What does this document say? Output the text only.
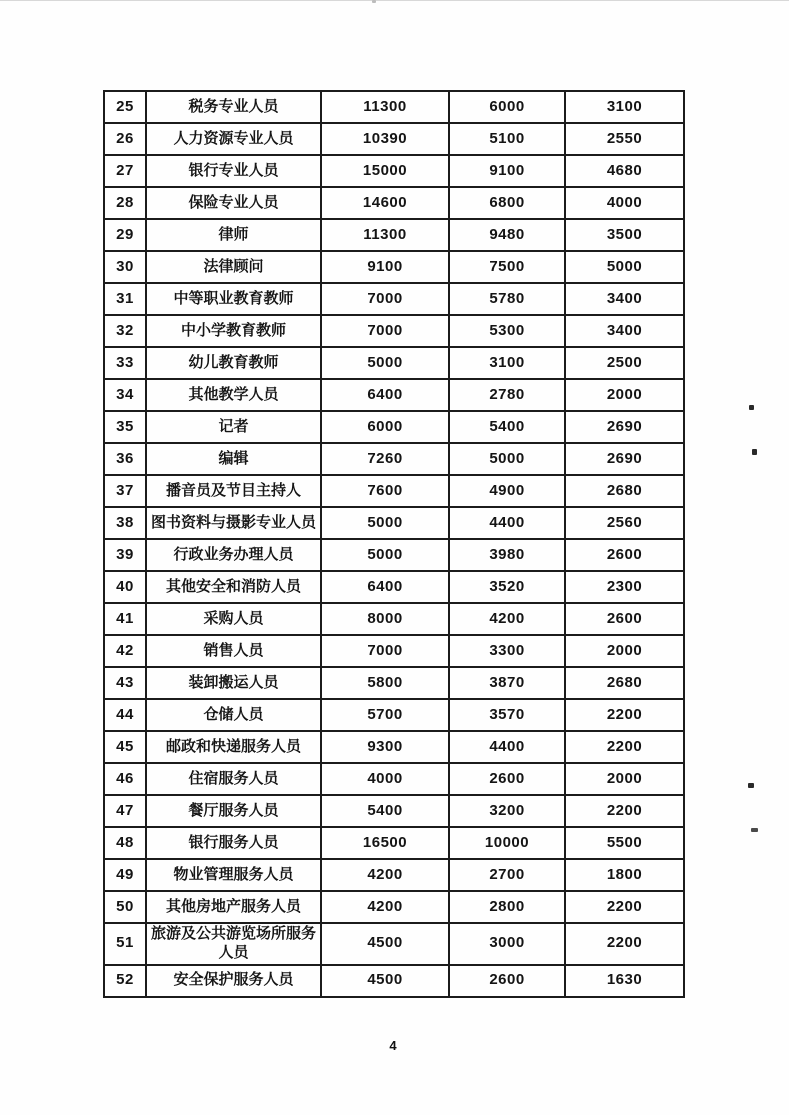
25	税务专业人员	11300	6000	3100
26	人力资源专业人员	10390	5100	2550
27	银行专业人员	15000	9100	4680
28	保险专业人员	14600	6800	4000
29	律师	11300	9480	3500
30	法律顾问	9100	7500	5000
31	中等职业教育教师	7000	5780	3400
32	中小学教育教师	7000	5300	3400
33	幼儿教育教师	5000	3100	2500
34	其他教学人员	6400	2780	2000
35	记者	6000	5400	2690
36	编辑	7260	5000	2690
37	播音员及节目主持人	7600	4900	2680
38	图书资料与摄影专业人员	5000	4400	2560
39	行政业务办理人员	5000	3980	2600
40	其他安全和消防人员	6400	3520	2300
41	采购人员	8000	4200	2600
42	销售人员	7000	3300	2000
43	装卸搬运人员	5800	3870	2680
44	仓储人员	5700	3570	2200
45	邮政和快递服务人员	9300	4400	2200
46	住宿服务人员	4000	2600	2000
47	餐厅服务人员	5400	3200	2200
48	银行服务人员	16500	10000	5500
49	物业管理服务人员	4200	2700	1800
50	其他房地产服务人员	4200	2800	2200
51	旅游及公共游览场所服务人员	4500	3000	2200
52	安全保护服务人员	4500	2600	1630
4
